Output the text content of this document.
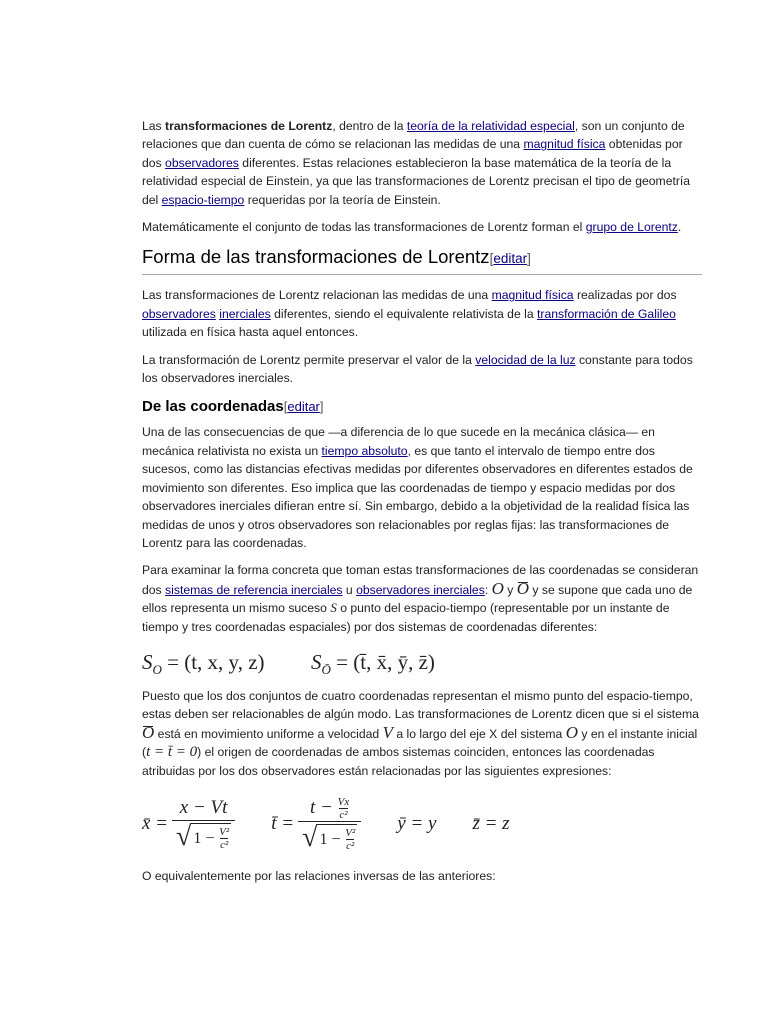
Las transformaciones de Lorentz, dentro de la teoría de la relatividad especial, son un conjunto de relaciones que dan cuenta de cómo se relacionan las medidas de una magnitud física obtenidas por dos observadores diferentes. Estas relaciones establecieron la base matemática de la teoría de la relatividad especial de Einstein, ya que las transformaciones de Lorentz precisan el tipo de geometría del espacio-tiempo requeridas por la teoría de Einstein.

Matemáticamente el conjunto de todas las transformaciones de Lorentz forman el grupo de Lorentz.

Forma de las transformaciones de Lorentz[editar]

Las transformaciones de Lorentz relacionan las medidas de una magnitud física realizadas por dos observadores inerciales diferentes, siendo el equivalente relativista de la transformación de Galileo utilizada en física hasta aquel entonces.

La transformación de Lorentz permite preservar el valor de la velocidad de la luz constante para todos los observadores inerciales.

De las coordenadas[editar]

Una de las consecuencias de que —a diferencia de lo que sucede en la mecánica clásica— en mecánica relativista no exista un tiempo absoluto, es que tanto el intervalo de tiempo entre dos sucesos, como las distancias efectivas medidas por diferentes observadores en diferentes estados de movimiento son diferentes. Eso implica que las coordenadas de tiempo y espacio medidas por dos observadores inerciales difieran entre sí. Sin embargo, debido a la objetividad de la realidad física las medidas de unos y otros observadores son relacionables por reglas fijas: las transformaciones de Lorentz para las coordenadas.

Para examinar la forma concreta que toman estas transformaciones de las coordenadas se consideran dos sistemas de referencia inerciales u observadores inerciales: O y O y se supone que cada uno de ellos representa un mismo suceso S o punto del espacio-tiempo (representable por un instante de tiempo y tres coordenadas espaciales) por dos sistemas de coordenadas diferentes:

$S_O = (t$, x, y, z) $S_Ō$ = (t̄, x̄, ȳ, z̄)

Puesto que los dos conjuntos de cuatro coordenadas representan el mismo punto del espacio-tiempo, estas deben ser relacionables de algún modo. Las transformaciones de Lorentz dicen que si el sistema O está en movimiento uniforme a velocidad V a lo largo del eje X del sistema O y en el instante inicial (t = t̄ = 0) el origen de coordenadas de ambos sistemas coinciden, entonces las coordenadas atribuidas por los dos observadores están relacionadas por las siguientes expresiones:

x̄ = x − Vt
√ 1 −
$\frac{\text{V²}}{\text{c²}}$ t̄ = $t - \frac{Vx}{\text{c²}}$
√ 1 −
$\frac{\text{V²}}{\text{c²}}$ ȳ = y z̄ = z

O equivalentemente por las relaciones inversas de las anteriores:
